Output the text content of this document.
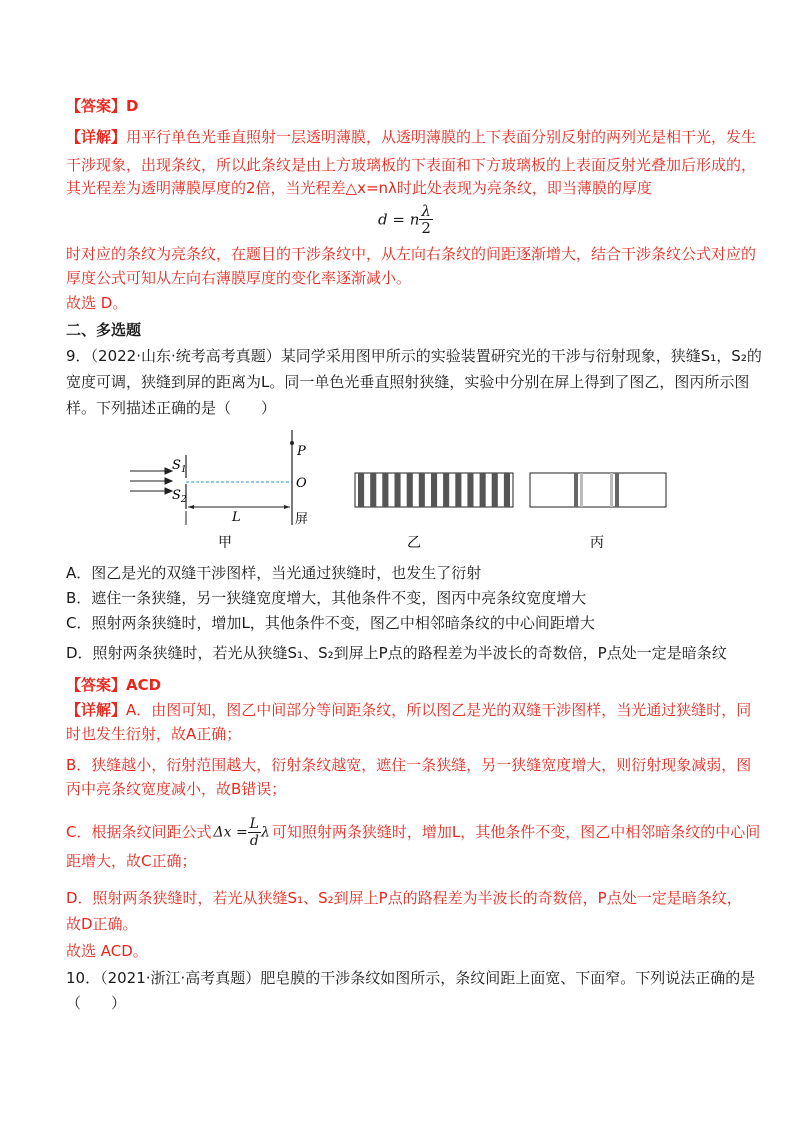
【答案】D
【详解】用平行单色光垂直照射一层透明薄膜，从透明薄膜的上下表面分别反射的两列光是相干光，发生
干涉现象，出现条纹，所以此条纹是由上方玻璃板的下表面和下方玻璃板的上表面反射光叠加后形成的，
其光程差为透明薄膜厚度的2倍，当光程差△x=nλ时此处表现为亮条纹，即当薄膜的厚度
d = n $\frac{\lambda}{2}$
时对应的条纹为亮条纹，在题目的干涉条纹中，从左向右条纹的间距逐渐增大，结合干涉条纹公式对应的
厚度公式可知从左向右薄膜厚度的变化率逐渐减小。
故选 D。
二、多选题
9．（2022·山东·统考高考真题）某同学采用图甲所示的实验装置研究光的干涉与衍射现象，狭缝S₁，S₂的
宽度可调，狭缝到屏的距离为L。同一单色光垂直照射狭缝，实验中分别在屏上得到了图乙，图丙所示图
样。下列描述正确的是（　　）
$S_1$
$S_2$
P
O
屏
L
甲	乙	丙
A．图乙是光的双缝干涉图样，当光通过狭缝时，也发生了衍射
B．遮住一条狭缝，另一狭缝宽度增大，其他条件不变，图丙中亮条纹宽度增大
C．照射两条狭缝时，增加L，其他条件不变，图乙中相邻暗条纹的中心间距增大
D．照射两条狭缝时，若光从狭缝S₁、S₂到屏上P点的路程差为半波长的奇数倍，P点处一定是暗条纹
【答案】ACD
【详解】A．由图可知，图乙中间部分等间距条纹，所以图乙是光的双缝干涉图样，当光通过狭缝时，同
时也发生衍射，故A正确；
B．狭缝越小，衍射范围越大，衍射条纹越宽，遮住一条狭缝，另一狭缝宽度增大，则衍射现象减弱，图
丙中亮条纹宽度减小，故B错误；
C．根据条纹间距公式 $\Delta x = \frac{L}{d}$ λ 可知照射两条狭缝时，增加L，其他条件不变，图乙中相邻暗条纹的中心间
距增大，故C正确；
D．照射两条狭缝时，若光从狭缝S₁、S₂到屏上P点的路程差为半波长的奇数倍，P点处一定是暗条纹，
故D正确。
故选 ACD。
10．（2021·浙江·高考真题）肥皂膜的干涉条纹如图所示，条纹间距上面宽、下面窄。下列说法正确的是
（　　）
